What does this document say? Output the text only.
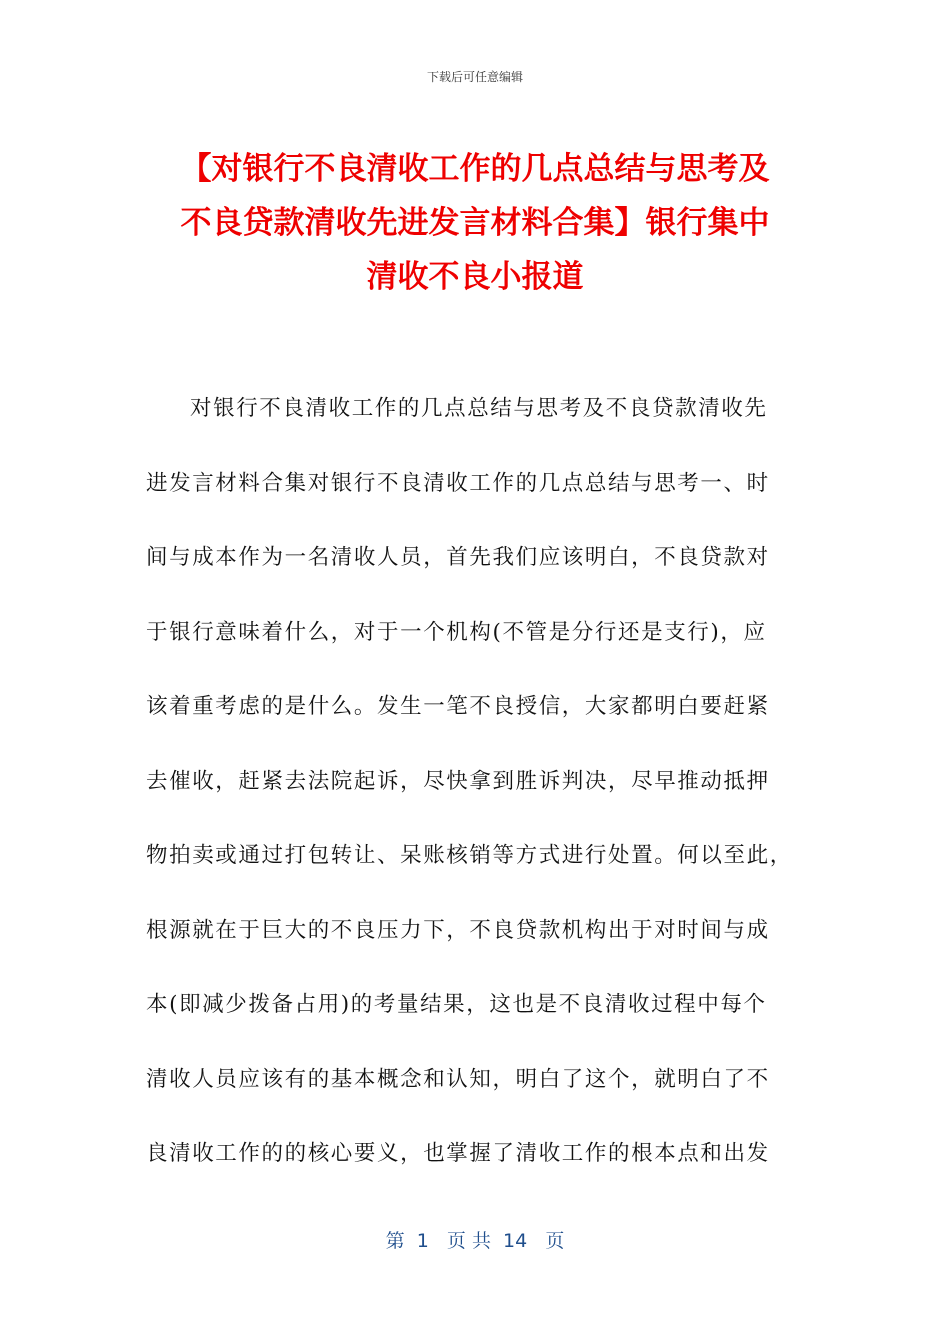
下载后可任意编辑
【对银行不良清收工作的几点总结与思考及
不良贷款清收先进发言材料合集】银行集中
清收不良小报道
对银行不良清收工作的几点总结与思考及不良贷款清收先
进发言材料合集对银行不良清收工作的几点总结与思考一、时
间与成本作为一名清收人员，首先我们应该明白，不良贷款对
于银行意味着什么，对于一个机构(不管是分行还是支行)，应
该着重考虑的是什么。发生一笔不良授信，大家都明白要赶紧
去催收，赶紧去法院起诉，尽快拿到胜诉判决，尽早推动抵押
物拍卖或通过打包转让、呆账核销等方式进行处置。何以至此，
根源就在于巨大的不良压力下，不良贷款机构出于对时间与成
本(即减少拨备占用)的考量结果，这也是不良清收过程中每个
清收人员应该有的基本概念和认知，明白了这个，就明白了不
良清收工作的的核心要义，也掌握了清收工作的根本点和出发
第  1   页 共  14   页
